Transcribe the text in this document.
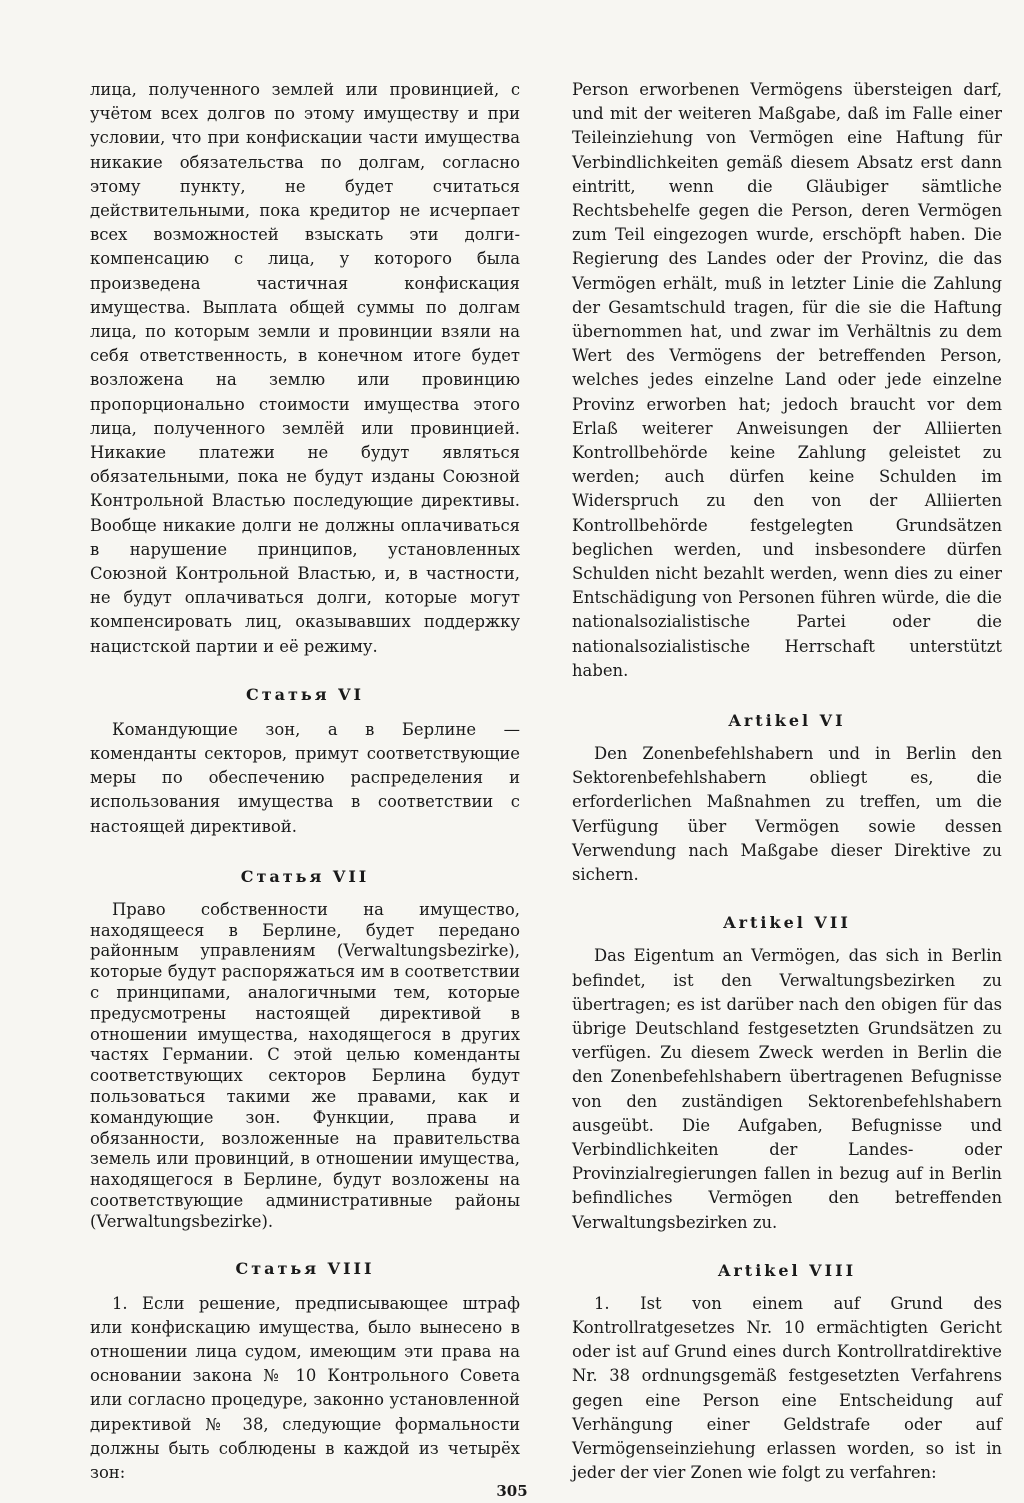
лица, полученного землей или провинцией, с учётом всех долгов по этому имуществу и при условии, что при конфискации части имущества никакие обязательства по долгам, согласно этому пункту, не будет считаться действительными, пока кредитор не исчерпает всех возможностей взыскать эти долги-компенсацию с лица, у которого была произведена частичная конфискация имущества. Выплата общей суммы по долгам лица, по которым земли и провинции взяли на себя ответственность, в конечном итоге будет возложена на землю или провинцию пропорционально стоимости имущества этого лица, полученного землёй или провинцией. Никакие платежи не будут являться обязательными, пока не будут изданы Союзной Контрольной Властью последующие директивы. Вообще никакие долги не должны оплачиваться в нарушение принципов, установленных Союзной Контрольной Властью, и, в частности, не будут оплачиваться долги, которые могут компенсировать лиц, оказывавших поддержку нацистской партии и её режиму.

Статья VI

Командующие зон, а в Берлине — коменданты секторов, примут соответствующие меры по обеспечению распределения и использования имущества в соответствии с настоящей директивой.

Статья VII

Право собственности на имущество, находящееся в Берлине, будет передано районным управлениям (Verwaltungsbezirke), которые будут распоряжаться им в соответствии с принципами, аналогичными тем, которые предусмотрены настоящей директивой в отношении имущества, находящегося в других частях Германии. С этой целью коменданты соответствующих секторов Берлина будут пользоваться такими же правами, как и командующие зон. Функции, права и обязанности, возложенные на правительства земель или провинций, в отношении имущества, находящегося в Берлине, будут возложены на соответствующие административные районы (Verwaltungsbezirke).

Статья VIII

1. Если решение, предписывающее штраф или конфискацию имущества, было вынесено в отношении лица судом, имеющим эти права на основании закона № 10 Контрольного Совета или согласно процедуре, законно установленной директивой № 38, следующие формальности должны быть соблюдены в каждой из четырёх зон:

Person erworbenen Vermögens übersteigen darf, und mit der weiteren Maßgabe, daß im Falle einer Teileinziehung von Vermögen eine Haftung für Verbindlichkeiten gemäß diesem Absatz erst dann eintritt, wenn die Gläubiger sämtliche Rechtsbehelfe gegen die Person, deren Vermögen zum Teil eingezogen wurde, erschöpft haben. Die Regierung des Landes oder der Provinz, die das Vermögen erhält, muß in letzter Linie die Zahlung der Gesamtschuld tragen, für die sie die Haftung übernommen hat, und zwar im Verhältnis zu dem Wert des Vermögens der betreffenden Person, welches jedes einzelne Land oder jede einzelne Provinz erworben hat; jedoch braucht vor dem Erlaß weiterer Anweisungen der Alliierten Kontrollbehörde keine Zahlung geleistet zu werden; auch dürfen keine Schulden im Widerspruch zu den von der Alliierten Kontrollbehörde festgelegten Grundsätzen beglichen werden, und insbesondere dürfen Schulden nicht bezahlt werden, wenn dies zu einer Entschädigung von Personen führen würde, die die nationalsozialistische Partei oder die nationalsozialistische Herrschaft unterstützt haben.

Artikel VI

Den Zonenbefehlshabern und in Berlin den Sektorenbefehlshabern obliegt es, die erforderlichen Maßnahmen zu treffen, um die Verfügung über Vermögen sowie dessen Verwendung nach Maßgabe dieser Direktive zu sichern.

Artikel VII

Das Eigentum an Vermögen, das sich in Berlin befindet, ist den Verwaltungsbezirken zu übertragen; es ist darüber nach den obigen für das übrige Deutschland festgesetzten Grundsätzen zu verfügen. Zu diesem Zweck werden in Berlin die den Zonenbefehlshabern übertragenen Befugnisse von den zuständigen Sektorenbefehlshabern ausgeübt. Die Aufgaben, Befugnisse und Verbindlichkeiten der Landes- oder Provinzialregierungen fallen in bezug auf in Berlin befindliches Vermögen den betreffenden Verwaltungsbezirken zu.

Artikel VIII

1. Ist von einem auf Grund des Kontrollratgesetzes Nr. 10 ermächtigten Gericht oder ist auf Grund eines durch Kontrollratdirektive Nr. 38 ordnungsgemäß festgesetzten Verfahrens gegen eine Person eine Entscheidung auf Verhängung einer Geldstrafe oder auf Vermögenseinziehung erlassen worden, so ist in jeder der vier Zonen wie folgt zu verfahren:

305
